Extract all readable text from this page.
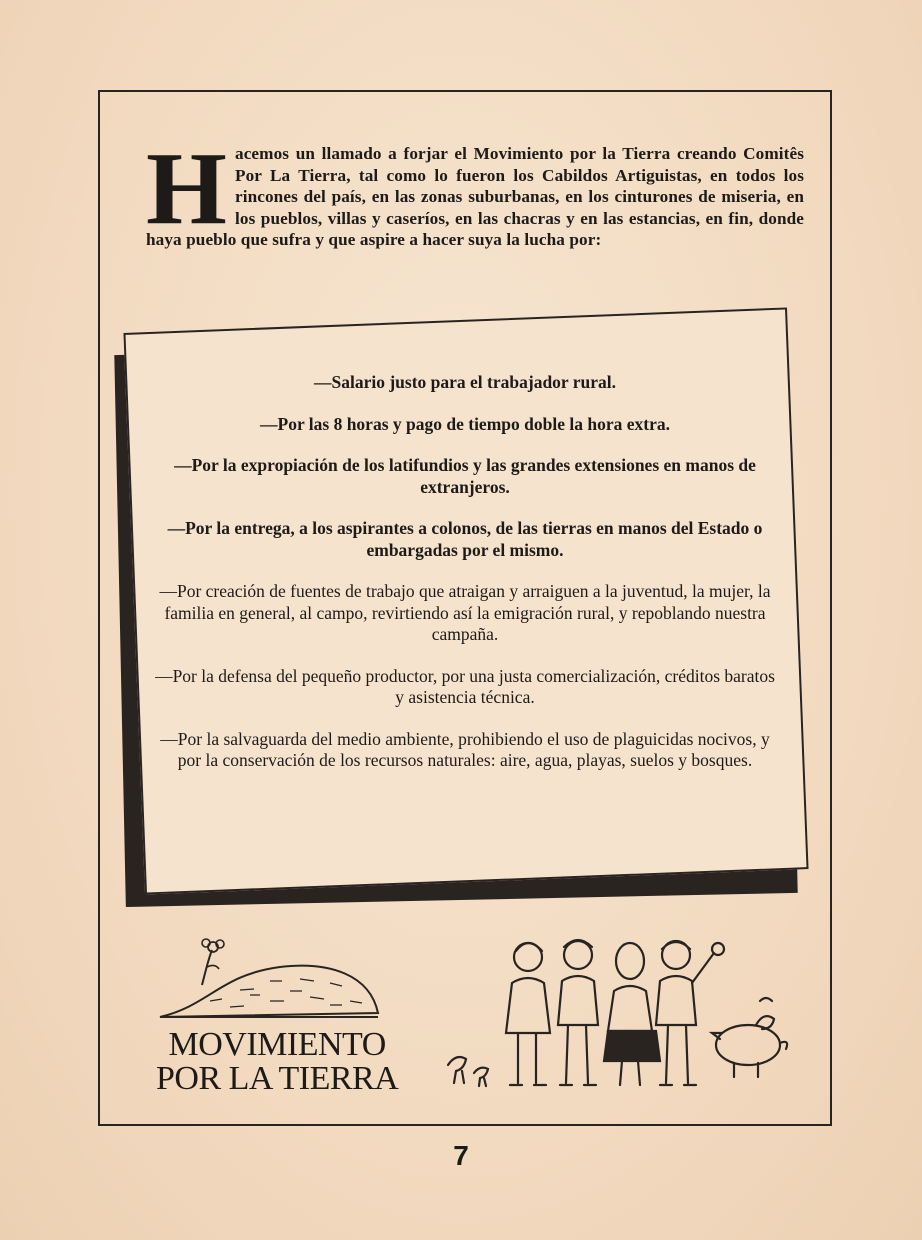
H acemos un llamado a forjar el Movimiento por la Tierra creando Comitês Por La Tierra, tal como lo fueron los Cabildos Artiguistas, en todos los rincones del país, en las zonas suburbanas, en los cinturones de miseria, en los pueblos, villas y caseríos, en las chacras y en las estancias, en fin, donde haya pueblo que sufra y que aspire a hacer suya la lucha por:
—Salario justo para el trabajador rural.
—Por las 8 horas y pago de tiempo doble la hora extra.
—Por la expropiación de los latifundios y las grandes extensiones en manos de extranjeros.
—Por la entrega, a los aspirantes a colonos, de las tierras en manos del Estado o embargadas por el mismo.
—Por creación de fuentes de trabajo que atraigan y arraiguen a la juventud, la mujer, la familia en general, al campo, revirtiendo así la emigración rural, y repoblando nuestra campaña.
—Por la defensa del pequeño productor, por una justa comercialización, créditos baratos y asistencia técnica.
—Por la salvaguarda del medio ambiente, prohibiendo el uso de plaguicidas nocivos, y por la conservación de los recursos naturales: aire, agua, playas, suelos y bosques.
MOVIMIENTO
POR LA TIERRA
7
